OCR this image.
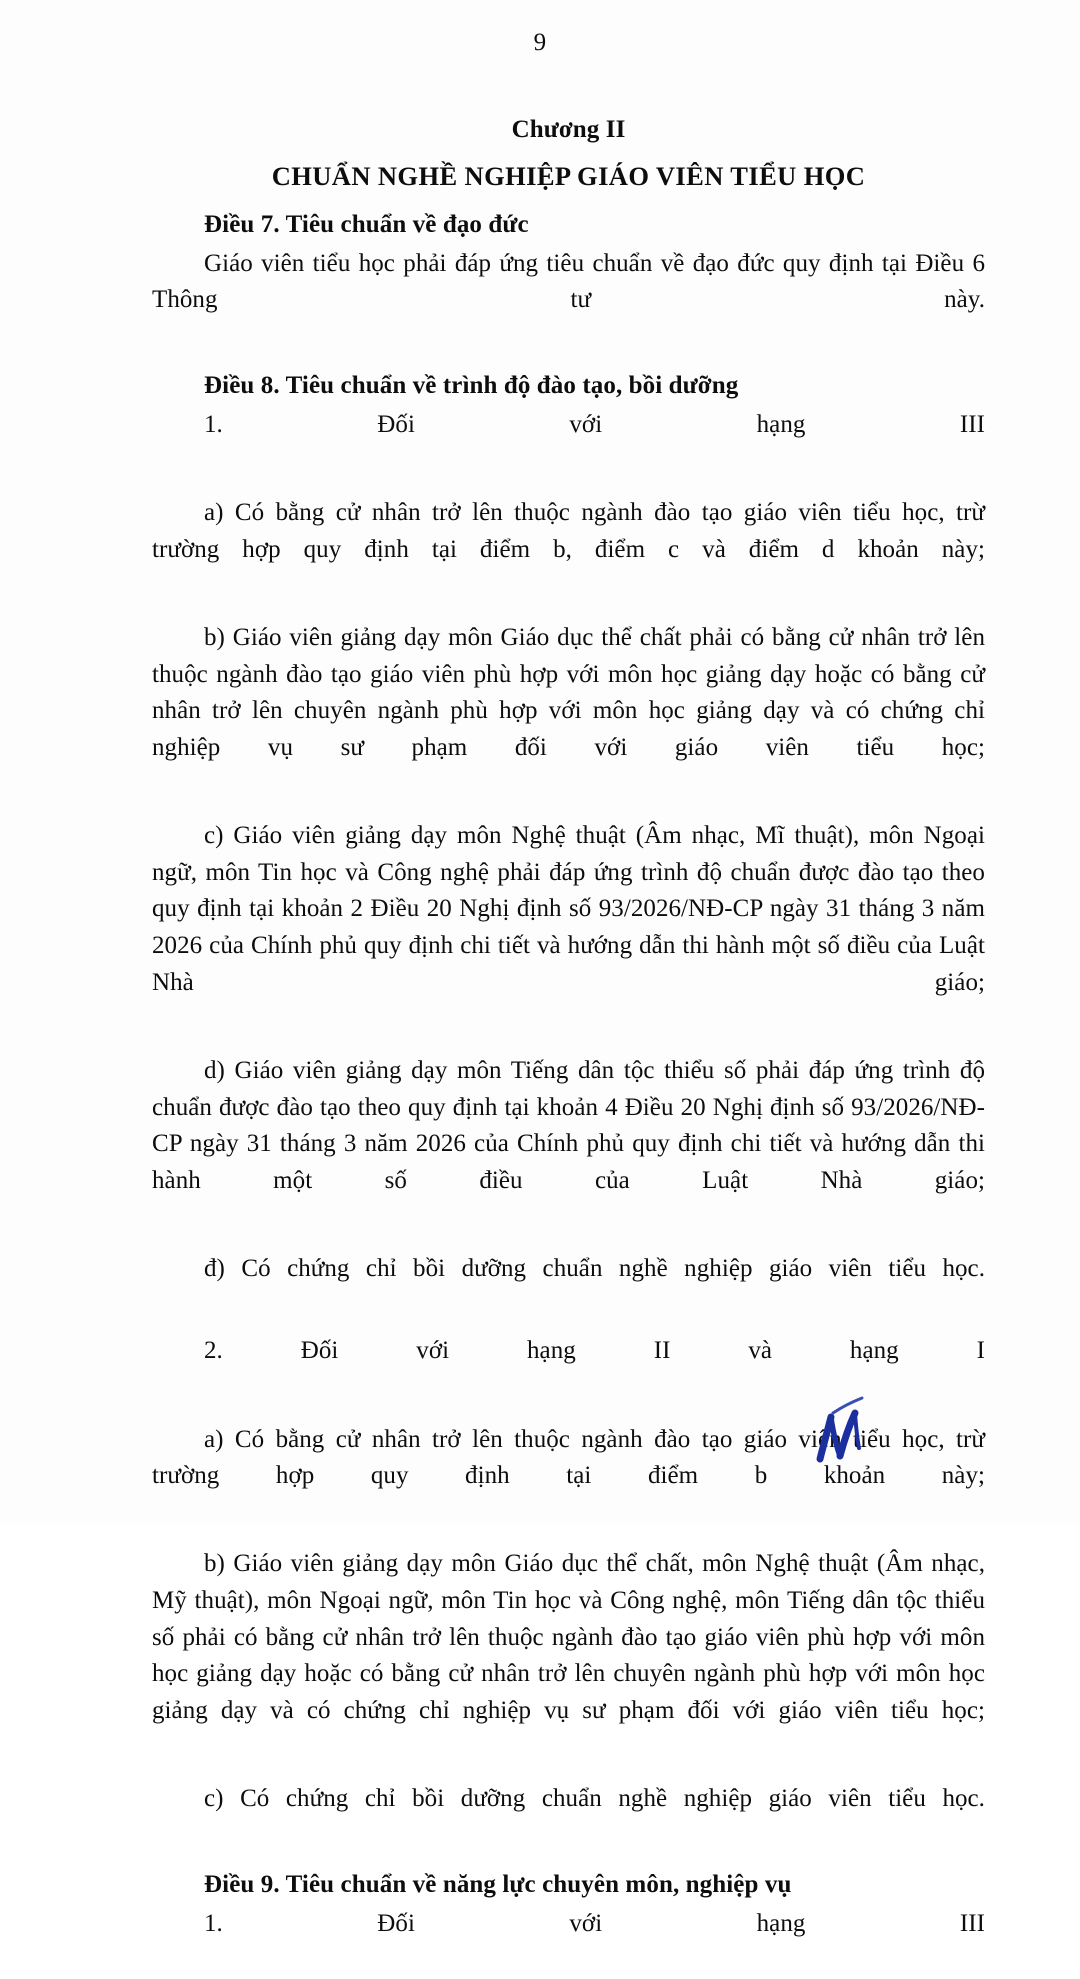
9
Chương II
CHUẨN NGHỀ NGHIỆP GIÁO VIÊN TIỂU HỌC
Điều 7. Tiêu chuẩn về đạo đức

Giáo viên tiểu học phải đáp ứng tiêu chuẩn về đạo đức quy định tại Điều 6 Thông tư này.

Điều 8. Tiêu chuẩn về trình độ đào tạo, bồi dưỡng

1. Đối với hạng III

a) Có bằng cử nhân trở lên thuộc ngành đào tạo giáo viên tiểu học, trừ trường hợp quy định tại điểm b, điểm c và điểm d khoản này;

b) Giáo viên giảng dạy môn Giáo dục thể chất phải có bằng cử nhân trở lên thuộc ngành đào tạo giáo viên phù hợp với môn học giảng dạy hoặc có bằng cử nhân trở lên chuyên ngành phù hợp với môn học giảng dạy và có chứng chỉ nghiệp vụ sư phạm đối với giáo viên tiểu học;

c) Giáo viên giảng dạy môn Nghệ thuật (Âm nhạc, Mĩ thuật), môn Ngoại ngữ, môn Tin học và Công nghệ phải đáp ứng trình độ chuẩn được đào tạo theo quy định tại khoản 2 Điều 20 Nghị định số 93/2026/NĐ-CP ngày 31 tháng 3 năm 2026 của Chính phủ quy định chi tiết và hướng dẫn thi hành một số điều của Luật Nhà giáo;

d) Giáo viên giảng dạy môn Tiếng dân tộc thiểu số phải đáp ứng trình độ chuẩn được đào tạo theo quy định tại khoản 4 Điều 20 Nghị định số 93/2026/NĐ-CP ngày 31 tháng 3 năm 2026 của Chính phủ quy định chi tiết và hướng dẫn thi hành một số điều của Luật Nhà giáo;

đ) Có chứng chỉ bồi dưỡng chuẩn nghề nghiệp giáo viên tiểu học.

2. Đối với hạng II và hạng I

a) Có bằng cử nhân trở lên thuộc ngành đào tạo giáo viên tiểu học, trừ trường hợp quy định tại điểm b khoản này;

b) Giáo viên giảng dạy môn Giáo dục thể chất, môn Nghệ thuật (Âm nhạc, Mỹ thuật), môn Ngoại ngữ, môn Tin học và Công nghệ, môn Tiếng dân tộc thiểu số phải có bằng cử nhân trở lên thuộc ngành đào tạo giáo viên phù hợp với môn học giảng dạy hoặc có bằng cử nhân trở lên chuyên ngành phù hợp với môn học giảng dạy và có chứng chỉ nghiệp vụ sư phạm đối với giáo viên tiểu học;

c) Có chứng chỉ bồi dưỡng chuẩn nghề nghiệp giáo viên tiểu học.

Điều 9. Tiêu chuẩn về năng lực chuyên môn, nghiệp vụ

1. Đối với hạng III
